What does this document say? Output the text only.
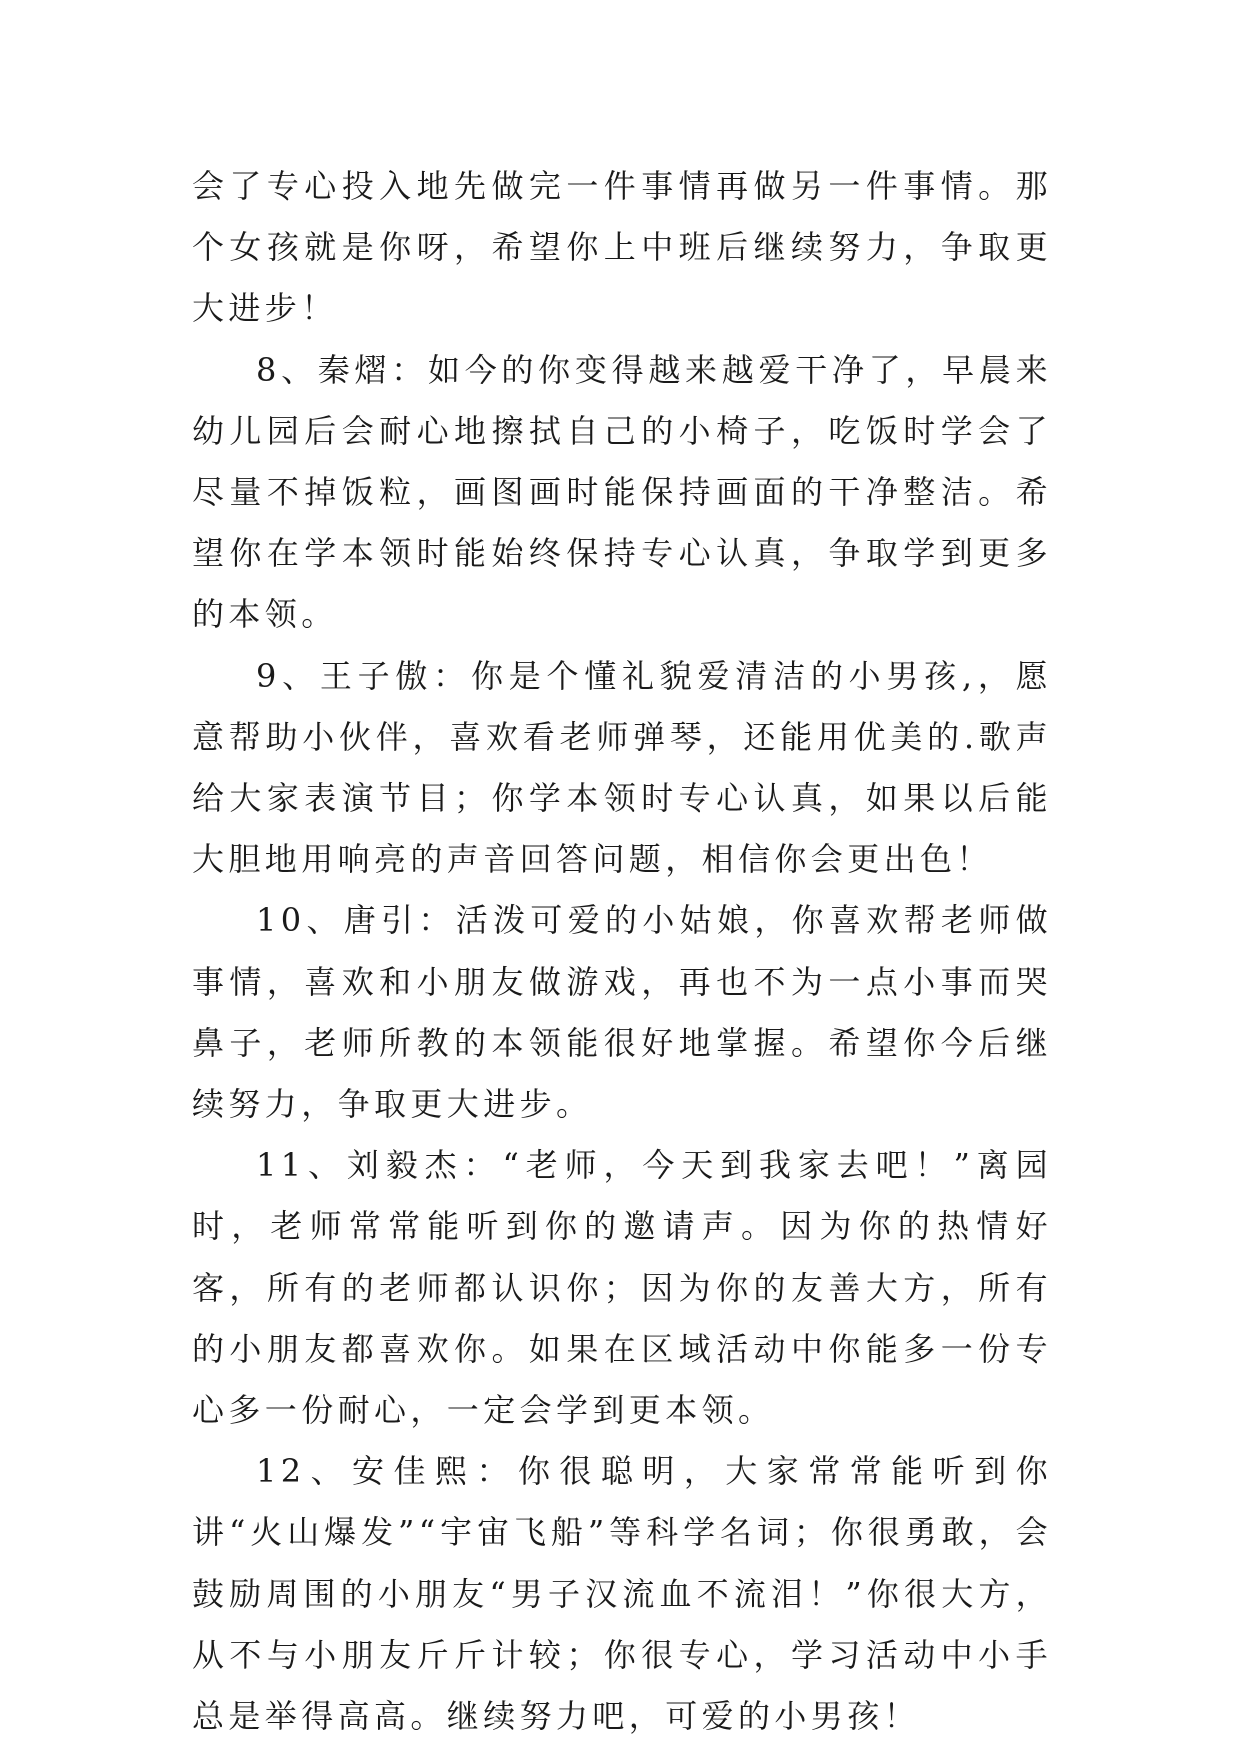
会了专心投入地先做完一件事情再做另一件事情。那个女孩就是你呀，希望你上中班后继续努力，争取更大进步！

8、秦熠：如今的你变得越来越爱干净了，早晨来幼儿园后会耐心地擦拭自己的小椅子，吃饭时学会了尽量不掉饭粒，画图画时能保持画面的干净整洁。希望你在学本领时能始终保持专心认真，争取学到更多的本领。

9、王子傲：你是个懂礼貌爱清洁的小男孩,，愿意帮助小伙伴，喜欢看老师弹琴，还能用优美的.歌声给大家表演节目；你学本领时专心认真，如果以后能大胆地用响亮的声音回答问题，相信你会更出色！

10、唐引：活泼可爱的小姑娘，你喜欢帮老师做事情，喜欢和小朋友做游戏，再也不为一点小事而哭鼻子，老师所教的本领能很好地掌握。希望你今后继续努力，争取更大进步。

11、刘毅杰：“老师，今天到我家去吧！”离园时，老师常常能听到你的邀请声。因为你的热情好客，所有的老师都认识你；因为你的友善大方，所有的小朋友都喜欢你。如果在区域活动中你能多一份专心多一份耐心，一定会学到更本领。

12、安佳熙：你很聪明，大家常常能听到你讲“火山爆发”“宇宙飞船”等科学名词；你很勇敢，会鼓励周围的小朋友“男子汉流血不流泪！”你很大方，从不与小朋友斤斤计较；你很专心，学习活动中小手总是举得高高。继续努力吧，可爱的小男孩！
